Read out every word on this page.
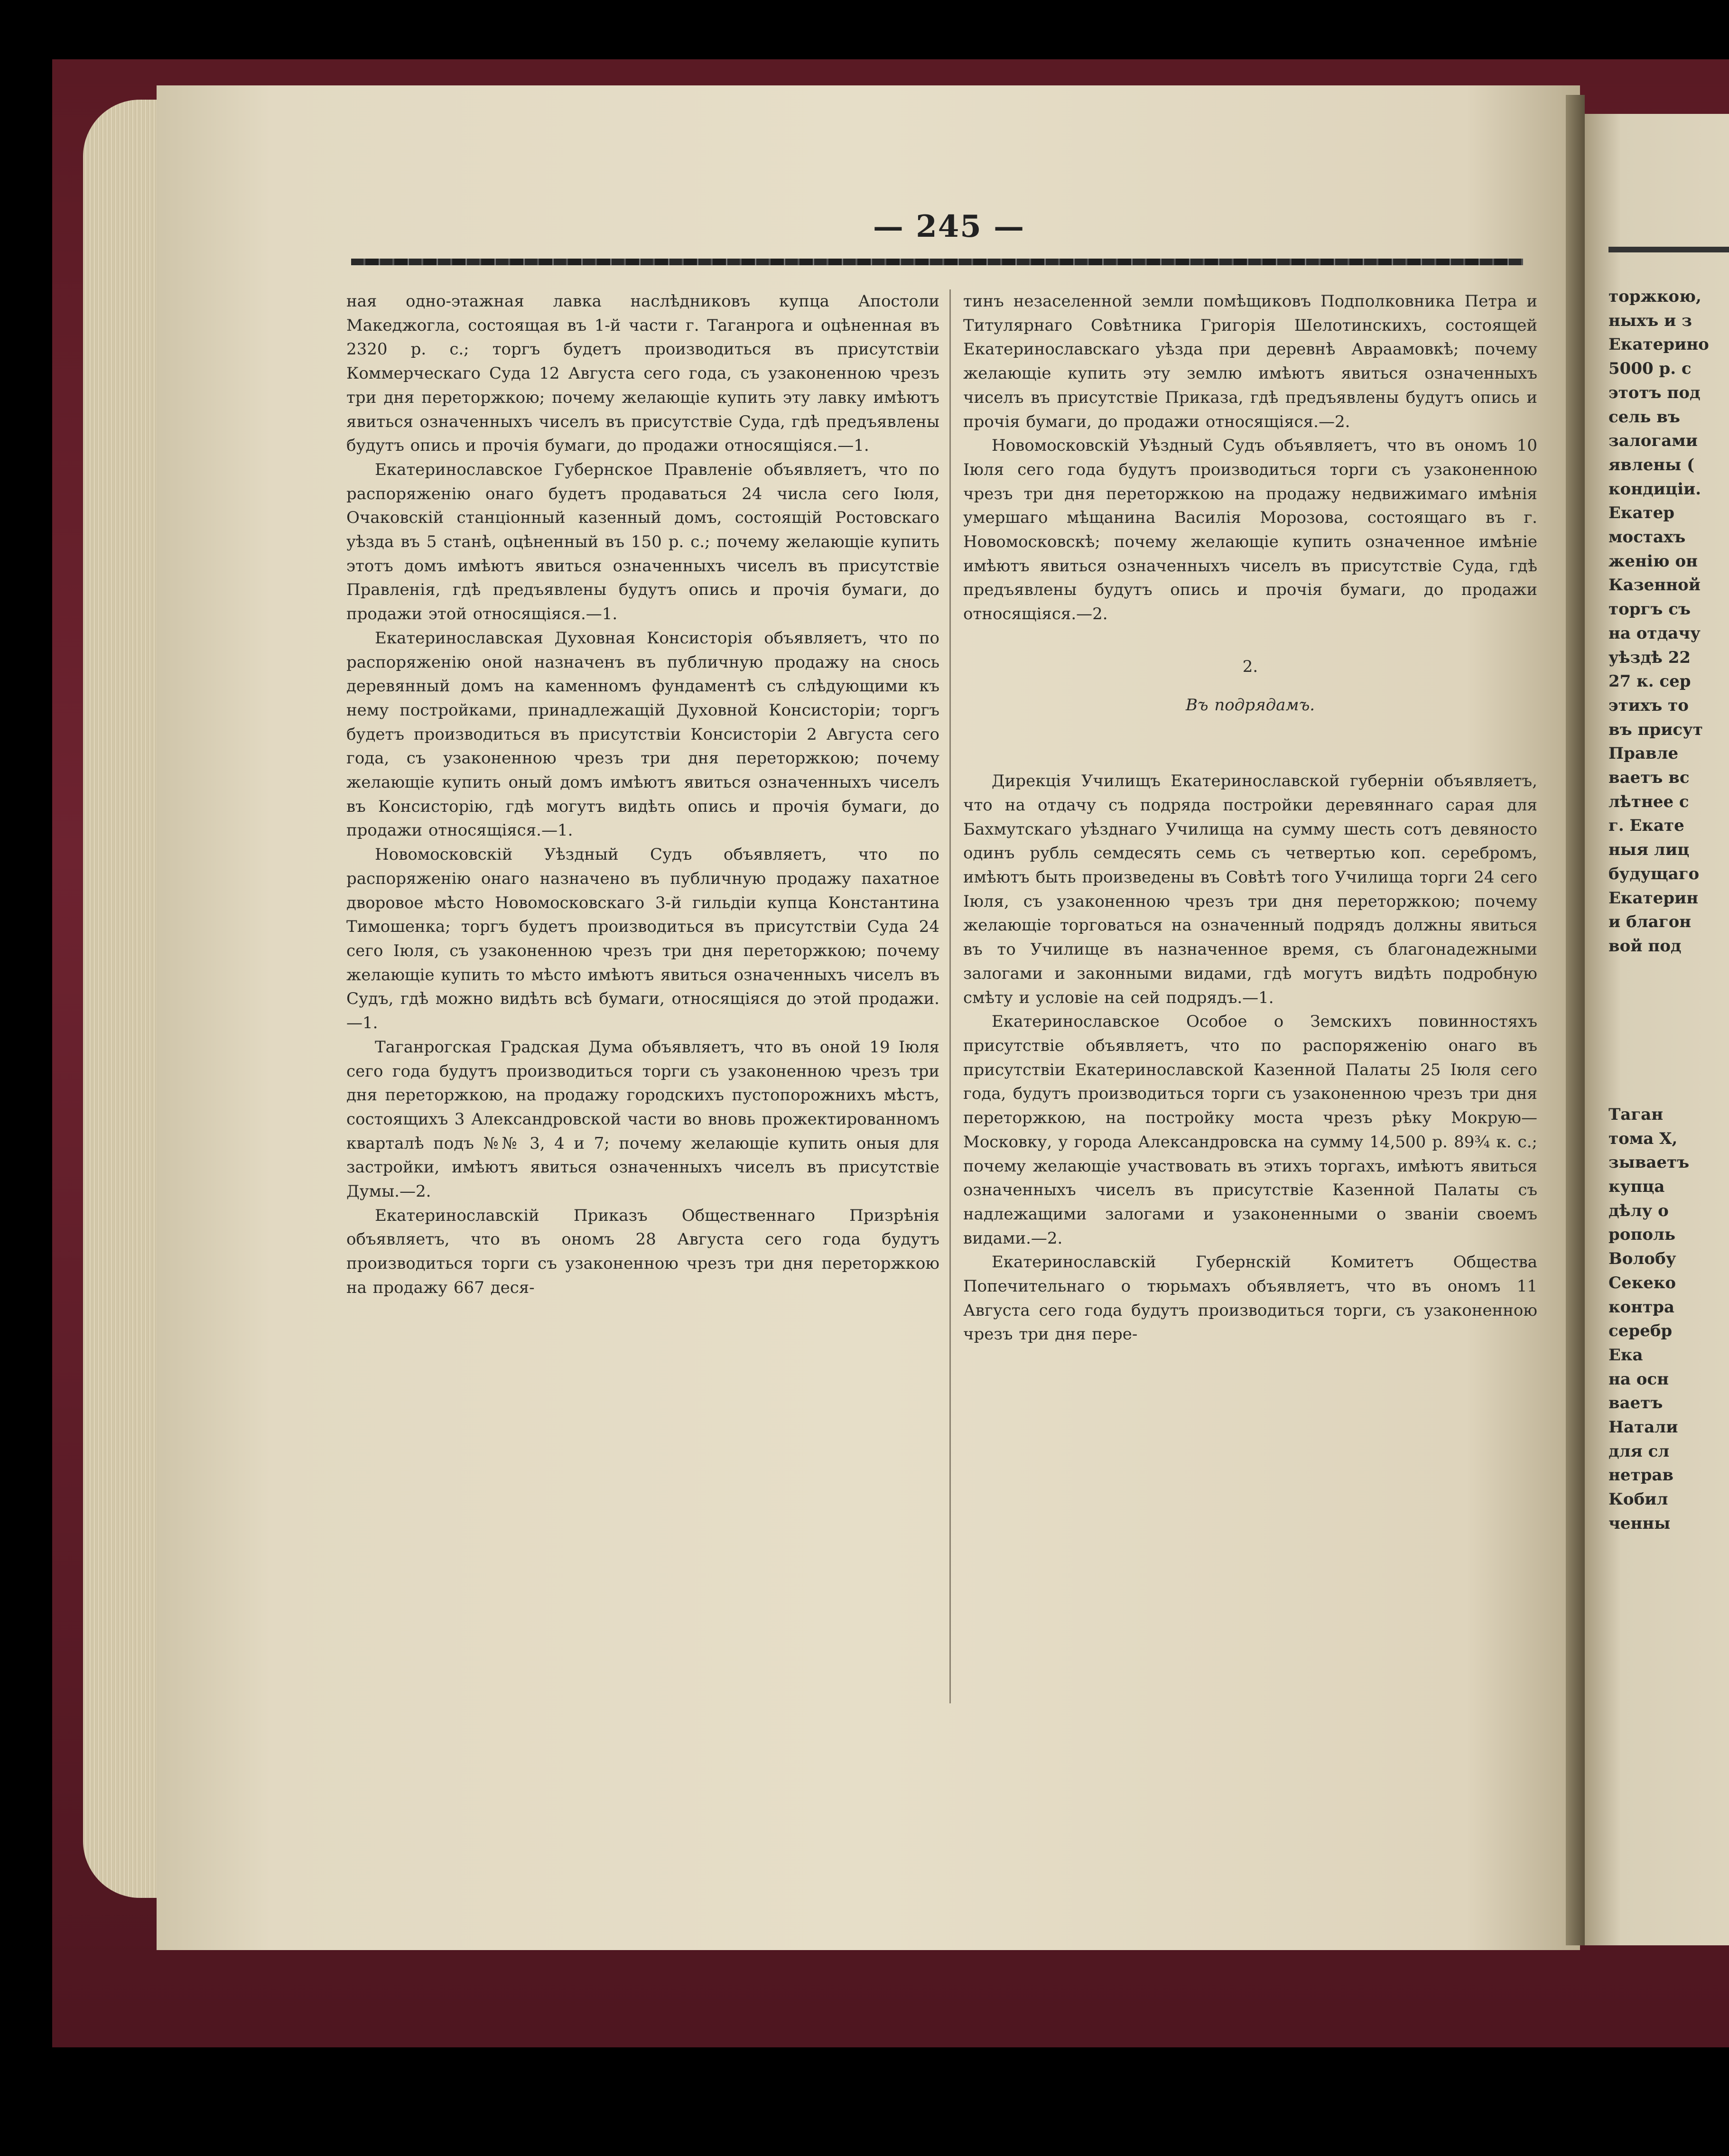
— 245 —

ная одно-этажная лавка наслѣдниковъ купца Апостоли Македжогла, состоящая въ 1-й части г. Таганрога и оцѣненная въ 2320 р. с.; торгъ будетъ производиться въ присутствіи Коммерческаго Суда 12 Августа сего года, съ узаконенною чрезъ три дня переторжкою; почему желающіе купить эту лавку имѣютъ явиться означенныхъ чиселъ въ присутствіе Суда, гдѣ предъявлены будутъ опись и прочія бумаги, до продажи относящіяся.—1.

Екатеринославское Губернское Правленіе объявляетъ, что по распоряженію онаго будетъ продаваться 24 числа сего Іюля, Очаковскій станціонный казенный домъ, состоящій Ростовскаго уѣзда въ 5 станѣ, оцѣненный въ 150 р. с.; почему желающіе купить этотъ домъ имѣютъ явиться означенныхъ чиселъ въ присутствіе Правленія, гдѣ предъявлены будутъ опись и прочія бумаги, до продажи этой относящіяся.—1.

Екатеринославская Духовная Консисторія объявляетъ, что по распоряженію оной назначенъ въ публичную продажу на снось деревянный домъ на каменномъ фундаментѣ съ слѣдующими къ нему постройками, принадлежащій Духовной Консисторіи; торгъ будетъ производиться въ присутствіи Консисторіи 2 Августа сего года, съ узаконенною чрезъ три дня переторжкою; почему желающіе купить оный домъ имѣютъ явиться означенныхъ чиселъ въ Консисторію, гдѣ могутъ видѣть опись и прочія бумаги, до продажи относящіяся.—1.

Новомосковскій Уѣздный Судъ объявляетъ, что по распоряженію онаго назначено въ публичную продажу пахатное дворовое мѣсто Новомосковскаго 3-й гильдіи купца Константина Тимошенка; торгъ будетъ производиться въ присутствіи Суда 24 сего Іюля, съ узаконенною чрезъ три дня переторжкою; почему желающіе купить то мѣсто имѣютъ явиться означенныхъ чиселъ въ Судъ, гдѣ можно видѣть всѣ бумаги, относящіяся до этой продажи.—1.

Таганрогская Градская Дума объявляетъ, что въ оной 19 Іюля сего года будутъ производиться торги съ узаконенною чрезъ три дня переторжкою, на продажу городскихъ пустопорожнихъ мѣстъ, состоящихъ 3 Александровской части во вновь прожектированномъ кварталѣ подъ №№ 3, 4 и 7; почему желающіе купить оныя для застройки, имѣютъ явиться означенныхъ чиселъ въ присутствіе Думы.—2.

Екатеринославскій Приказъ Общественнаго Призрѣнія объявляетъ, что въ ономъ 28 Августа сего года будутъ производиться торги съ узаконенною чрезъ три дня переторжкою на продажу 667 деся-

тинъ незаселенной земли помѣщиковъ Подполковника Петра и Титулярнаго Совѣтника Григорія Шелотинскихъ, состоящей Екатеринославскаго уѣзда при деревнѣ Авраамовкѣ; почему желающіе купить эту землю имѣютъ явиться означенныхъ чиселъ въ присутствіе Приказа, гдѣ предъявлены будутъ опись и прочія бумаги, до продажи относящіяся.—2.

Новомосковскій Уѣздный Судъ объявляетъ, что въ ономъ 10 Іюля сего года будутъ производиться торги съ узаконенною чрезъ три дня переторжкою на продажу недвижимаго имѣнія умершаго мѣщанина Василія Морозова, состоящаго въ г. Новомосковскѣ; почему желающіе купить означенное имѣніе имѣютъ явиться означенныхъ чиселъ въ присутствіе Суда, гдѣ предъявлены будутъ опись и прочія бумаги, до продажи относящіяся.—2.

2.

Въ подрядамъ.

Дирекція Училищъ Екатеринославской губерніи объявляетъ, что на отдачу съ подряда постройки деревяннаго сарая для Бахмутскаго уѣзднаго Училища на сумму шесть сотъ девяносто одинъ рубль семдесять семь съ четвертью коп. серебромъ, имѣютъ быть произведены въ Совѣтѣ того Училища торги 24 сего Іюля, съ узаконенною чрезъ три дня переторжкою; почему желающіе торговаться на означенный подрядъ должны явиться въ то Училище въ назначенное время, съ благонадежными залогами и законными видами, гдѣ могутъ видѣть подробную смѣту и условіе на сей подрядъ.—1.

Екатеринославское Особое о Земскихъ повинностяхъ присутствіе объявляетъ, что по распоряженію онаго въ присутствіи Екатеринославской Казенной Палаты 25 Іюля сего года, будутъ производиться торги съ узаконенною чрезъ три дня переторжкою, на постройку моста чрезъ рѣку Мокрую—Московку, у города Александровска на сумму 14,500 р. 89¾ к. с.; почему желающіе участвовать въ этихъ торгахъ, имѣютъ явиться означенныхъ чиселъ въ присутствіе Казенной Палаты съ надлежащими залогами и узаконенными о званіи своемъ видами.—2.

Екатеринославскій Губернскій Комитетъ Общества Попечительнаго о тюрьмахъ объявляетъ, что въ ономъ 11 Августа сего года будутъ производиться торги, съ узаконенною чрезъ три дня пере-

торжкою,
ныхъ и з
Екатерино
5000 р. с
этотъ под
сель въ
залогами
явлены (
кондиціи.
Екатер
мостахъ
женію он
Казенной
торгъ съ
на отдачу
уѣздѣ 22
27 к. сер
этихъ то
въ присут
Правле
ваетъ вс
лѣтнее с
г. Екате
ныя лиц
будущаго
Екатерин
и благон
вой под

Таган
тома Х,
зываетъ
купца
дѣлу о
рополь
Волобу
Секеко
контра
серебр
Ека
на осн
ваетъ
Натали
для сл
нетрав
Кобил
ченны
